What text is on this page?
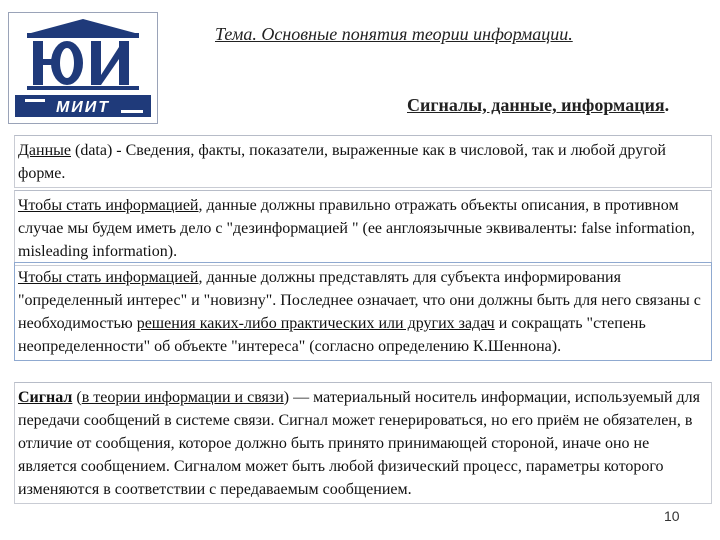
МИИТ
Тема. Основные понятия теории информации.
Сигналы, данные, информация.

Данные (data) - Сведения, факты, показатели, выраженные как в числовой, так и любой другой форме.

Чтобы стать информацией, данные должны правильно отражать объекты описания, в противном случае мы будем иметь дело с "дезинформацией " (ее англоязычные эквиваленты: false information, misleading information).

Чтобы стать информацией, данные должны представлять для субъекта информирования "определенный интерес" и "новизну". Последнее означает, что они должны быть для него связаны с необходимостью решения каких-либо практических или других задач и сокращать "степень неопределенности" об объекте "интереса" (согласно определению К.Шеннона).

Сигнал (в теории информации и связи) — материальный носитель информации, используемый для передачи сообщений в системе связи. Сигнал может генерироваться, но его приём не обязателен, в отличие от сообщения, которое должно быть принято принимающей стороной, иначе оно не является сообщением. Сигналом может быть любой физический процесс, параметры которого изменяются в соответствии с передаваемым сообщением.

10
